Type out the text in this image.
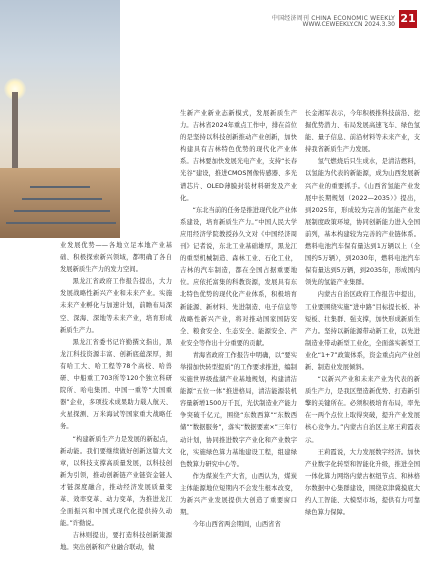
中国经济周刊 CHINA ECONOMIC WEEKLY
WWW.CEWEEKLY.CN 2024.3.30 21

业发展优势——各地立足本地产业基础、积极探索新兴领域，都明确了各自发展新质生产力的发力空间。

黑龙江省政府工作报告提出，大力发展战略性新兴产业和未来产业。实施未来产业孵化与加速计划，前瞻布局深空、深海、深地等未来产业，培育形成新质生产力。

黑龙江省委书记许勤撰文指出，黑龙江科技资源丰富、创新底蕴深厚，拥有哈工大、哈工程等78个高校、哈兽研、中船重工703所等120个独立科研院所、哈电集团、中国一重等“大国重器”企业，多项技术成果助力载人航天、火星探测、万米海试等国家重大战略任务。

“构建新质生产力是发展的新起点，新动能。我们要继续做好创新这篇大文章，以科技支撑高质量发展，以科技创新为引领，推动创新链产业链资金链人才链深度融合，推动经济发展质量变革、效率变革、动力变革，为推进龙江全面振兴和中国式现代化提供持久动能。”许勤说。

吉林则提出，要打造科技创新策源地。突出创新和产业融合联动，做

生新产业新业态新模式，发展新质生产力。吉林省2024年重点工作中，排在首位的是坚持以科技创新推动产业创新，加快构建具有吉林特色优势的现代化产业体系。吉林要加快发展光电产业，支持“长春光谷”建设，推进CMOS图像传感器、多光谱芯片、OLED薄膜封装材料研发及产业化。

“东北当前的任务是推进现代化产业体系建设，培育新质生产力。”中国人民大学应用经济学院教授孙久文对《中国经济周刊》记者说，东北工业基础雄厚，黑龙江的重型机械制造、森林工业、石化工业，吉林的汽车制造，都在全国占据重要地位。应依托富集的科教资源，发展具有东北特色优势的现代化产业体系，积极培育新能源、新材料、先进制造、电子信息等战略性新兴产业，将对推动国家国防安全、粮食安全、生态安全、能源安全、产业安全等作出十分重要的贡献。

青海省政府工作报告中明确，以“要实举措加快转型提质”的工作要求推进，编制实施世界级盐湖产业基地规划，构建清洁能源“五位一体”推进格局，清洁能源装机容量新增1500万千瓦，光伏制造业产能力争突破千亿元，围绕“东数西算”“东数西储”“数据服务”，落实“数据要素×”三年行动计划，协同推进数字产业化和产业数字化，实施绿色算力基地建设工程，组建绿色数算力研究中心等。

作为煤炭生产大省，山西认为，煤炭主体能源地位短期内不会发生根本改变，为新兴产业发展提供大创造了重要窗口期。

今年山西省两会期间，山西省省

长金湘军表示，今年积极推科技前沿、挖掘优势潜力、布局发展高速飞车、绿色氢能、量子信息、前沿材料等未来产业，支持我省新质生产力发展。

氢气燃烧后只生成水，是清洁燃料，以氢能为代表的新能源，成为山西发展新兴产业的重要抓手。《山西省氢能产业发展中长期规划（2022—2035）》提出，到2025年，形成较为完善的氢能产业发展制度政策环境，协同创新能力进入全国前列，基本构建较为完善的产业链体系。燃料电池汽车保有量达到1万辆以上（全国约5万辆），到2030年，燃料电池汽车保有量达到5万辆，到2035年，形成国内领先的氢能产业集群。

内蒙古自治区政府工作报告中提出，工业要围绕实施“进中路”目标提长板、补短板、壮集群、强支撑，加快形成新质生产力。坚持以新能源带动新工业，以先进制造业带动新型工业化，全面落实新型工业化“1+7”政策体系，资金重点向产业创新、制造业发展倾斜。

“以新兴产业和未来产业为代表的新质生产力，是我区塑造新优势、打造新引擎的关键所在。必须积极培育布局，率先在一两个点位上取得突破，提升产业发展核心竞争力。”内蒙古自治区主席王莉霞表示。

王莉霞说，大力发展数字经济。加快产业数字化转型和智能化升级，推进全国一体化算力网络内蒙古枢纽节点、和林格尔数据中心集群建设，围绕京津冀摸底大约人工智能、大模型市场，提供有力可靠绿色算力保障。
